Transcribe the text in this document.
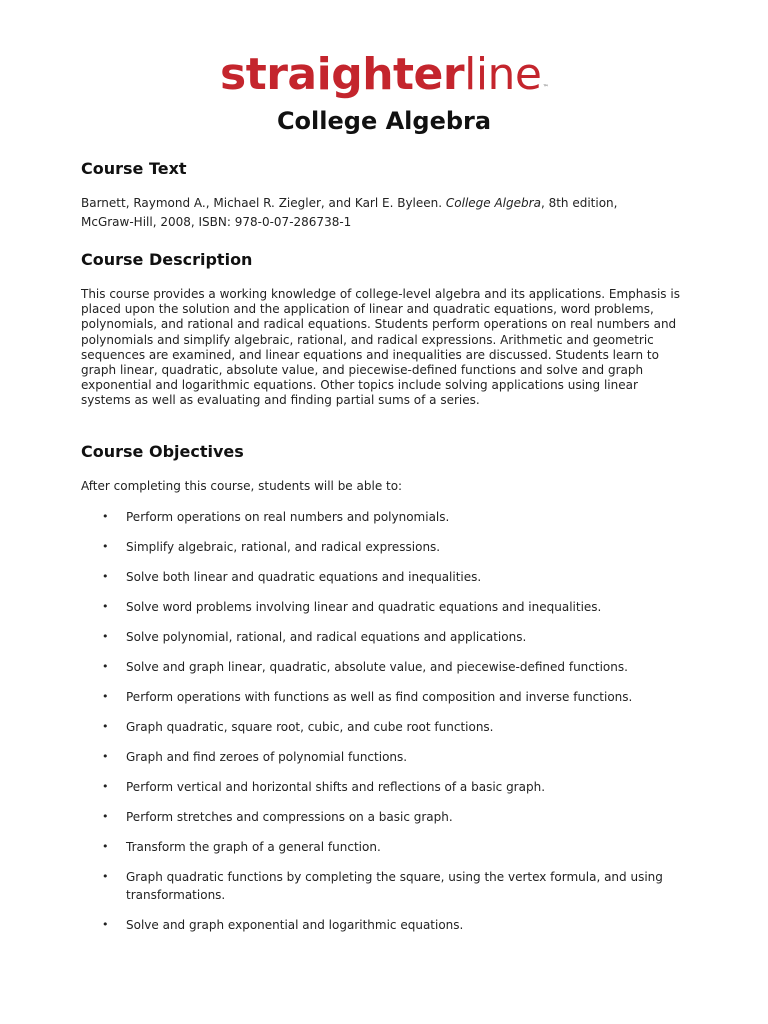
straighterline™
College Algebra
Course Text

Barnett, Raymond A., Michael R. Ziegler, and Karl E. Byleen. College Algebra, 8th edition,
McGraw-Hill, 2008, ISBN: 978-0-07-286738-1

Course Description

This course provides a working knowledge of college-level algebra and its applications. Emphasis is placed upon the solution and the application of linear and quadratic equations, word problems, polynomials, and rational and radical equations. Students perform operations on real numbers and polynomials and simplify algebraic, rational, and radical expressions. Arithmetic and geometric sequences are examined, and linear equations and inequalities are discussed. Students learn to graph linear, quadratic, absolute value, and piecewise-defined functions and solve and graph exponential and logarithmic equations. Other topics include solving applications using linear systems as well as evaluating and finding partial sums of a series.

Course Objectives

After completing this course, students will be able to:

• Perform operations on real numbers and polynomials.
• Simplify algebraic, rational, and radical expressions.
• Solve both linear and quadratic equations and inequalities.
• Solve word problems involving linear and quadratic equations and inequalities.
• Solve polynomial, rational, and radical equations and applications.
• Solve and graph linear, quadratic, absolute value, and piecewise-defined functions.
• Perform operations with functions as well as find composition and inverse functions.
• Graph quadratic, square root, cubic, and cube root functions.
• Graph and find zeroes of polynomial functions.
• Perform vertical and horizontal shifts and reflections of a basic graph.
• Perform stretches and compressions on a basic graph.
• Transform the graph of a general function.
• Graph quadratic functions by completing the square, using the vertex formula, and using transformations.
• Solve and graph exponential and logarithmic equations.
